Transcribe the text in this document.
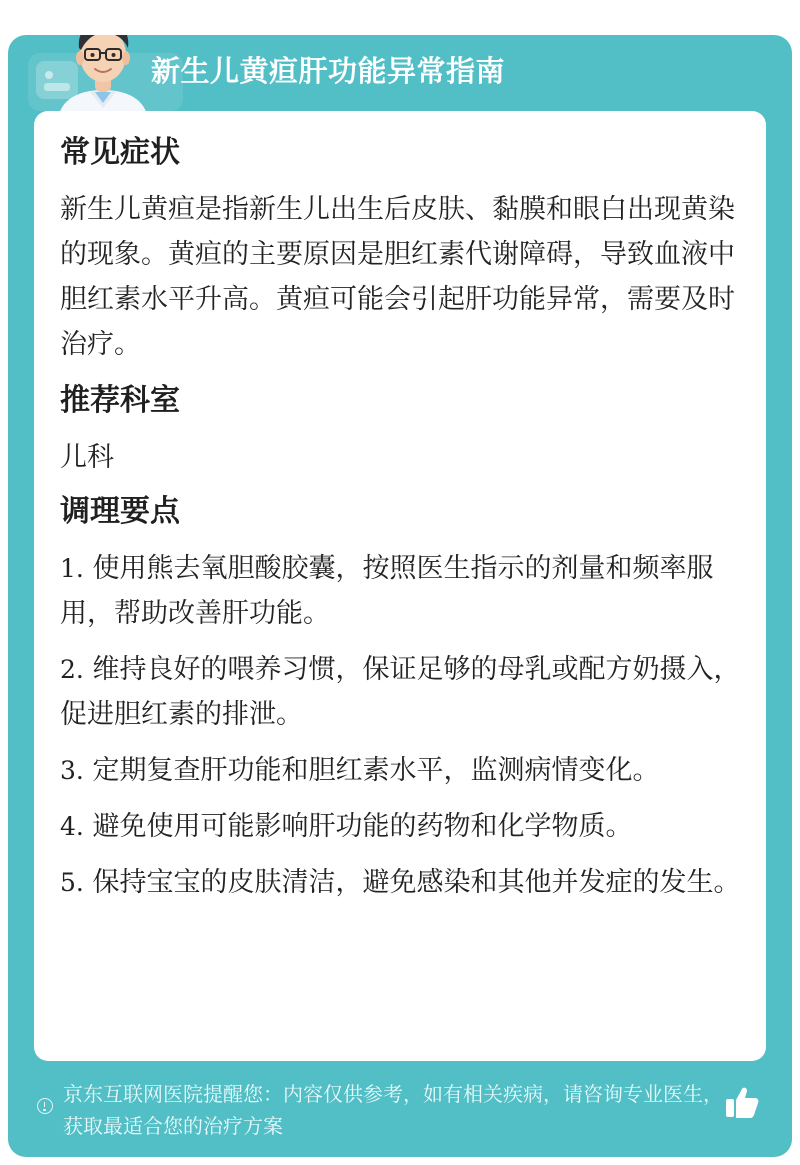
新生儿黄疸肝功能异常指南
常见症状

新生儿黄疸是指新生儿出生后皮肤、黏膜和眼白出现黄染的现象。黄疸的主要原因是胆红素代谢障碍，导致血液中胆红素水平升高。黄疸可能会引起肝功能异常，需要及时治疗。

推荐科室

儿科

调理要点
1. 使用熊去氧胆酸胶囊，按照医生指示的剂量和频率服用，帮助改善肝功能。
2. 维持良好的喂养习惯，保证足够的母乳或配方奶摄入，促进胆红素的排泄。
3. 定期复查肝功能和胆红素水平，监测病情变化。
4. 避免使用可能影响肝功能的药物和化学物质。
5. 保持宝宝的皮肤清洁，避免感染和其他并发症的发生。
京东互联网医院提醒您：内容仅供参考，如有相关疾病，请咨询专业医生，获取最适合您的治疗方案
